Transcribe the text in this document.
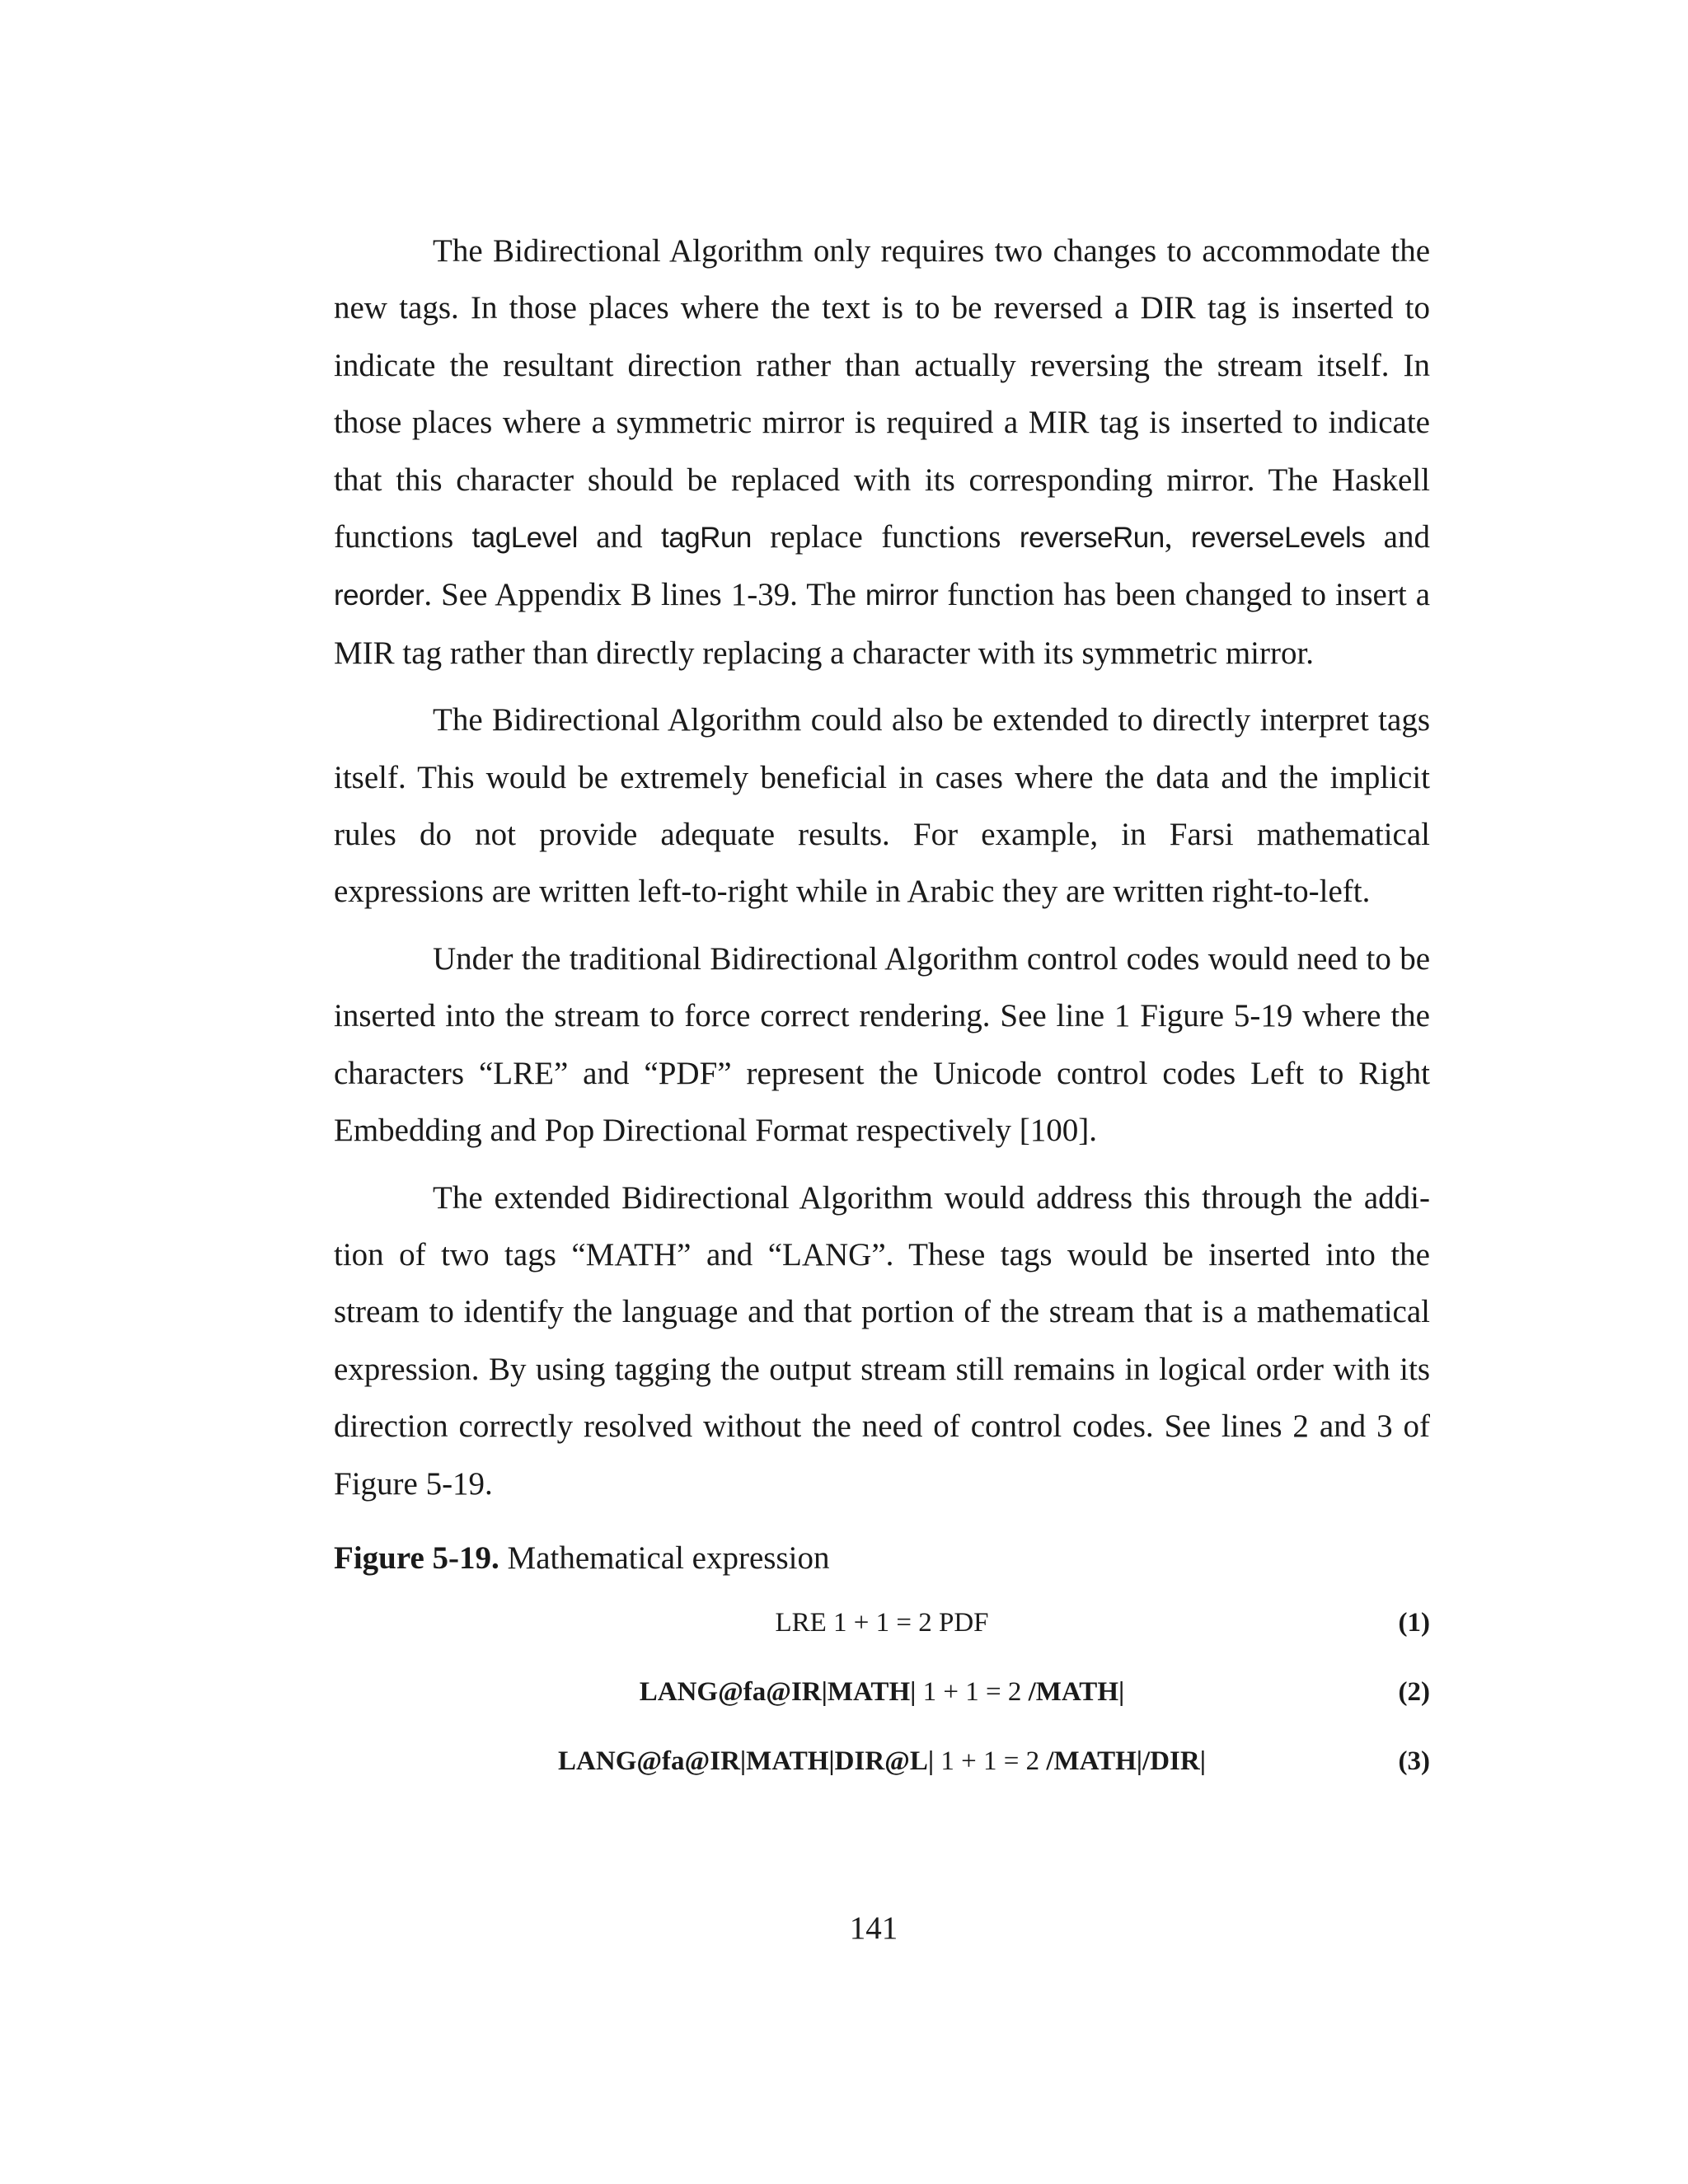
The Bidirectional Algorithm only requires two changes to accommodate the new tags. In those places where the text is to be reversed a DIR tag is inserted to indicate the resultant direction rather than actually reversing the stream itself. In those places where a symmetric mirror is required a MIR tag is inserted to indicate that this character should be replaced with its corresponding mirror. The Haskell functions tagLevel and tagRun replace functions reverseRun, reverseLevels and reorder. See Appendix B lines 1-39. The mirror function has been changed to insert a MIR tag rather than directly replacing a character with its symmetric mirror.

The Bidirectional Algorithm could also be extended to directly interpret tags itself. This would be extremely beneficial in cases where the data and the implicit rules do not provide adequate results. For example, in Farsi mathematical expressions are written left-to-right while in Arabic they are written right-to-left.

Under the traditional Bidirectional Algorithm control codes would need to be inserted into the stream to force correct rendering. See line 1 Figure 5-19 where the characters “LRE” and “PDF” represent the Unicode control codes Left to Right Embedding and Pop Directional Format respectively [100].

The extended Bidirectional Algorithm would address this through the addition of two tags “MATH” and “LANG”. These tags would be inserted into the stream to identify the language and that portion of the stream that is a mathematical expression. By using tagging the output stream still remains in logical order with its direction correctly resolved without the need of control codes. See lines 2 and 3 of Figure 5-19.

Figure 5-19. Mathematical expression
LRE 1 + 1 = 2 PDF	(1)
LANG@fa@IR|MATH| 1 + 1 = 2 /MATH|	(2)
LANG@fa@IR|MATH|DIR@L| 1 + 1 = 2 /MATH|/DIR|	(3)
141
